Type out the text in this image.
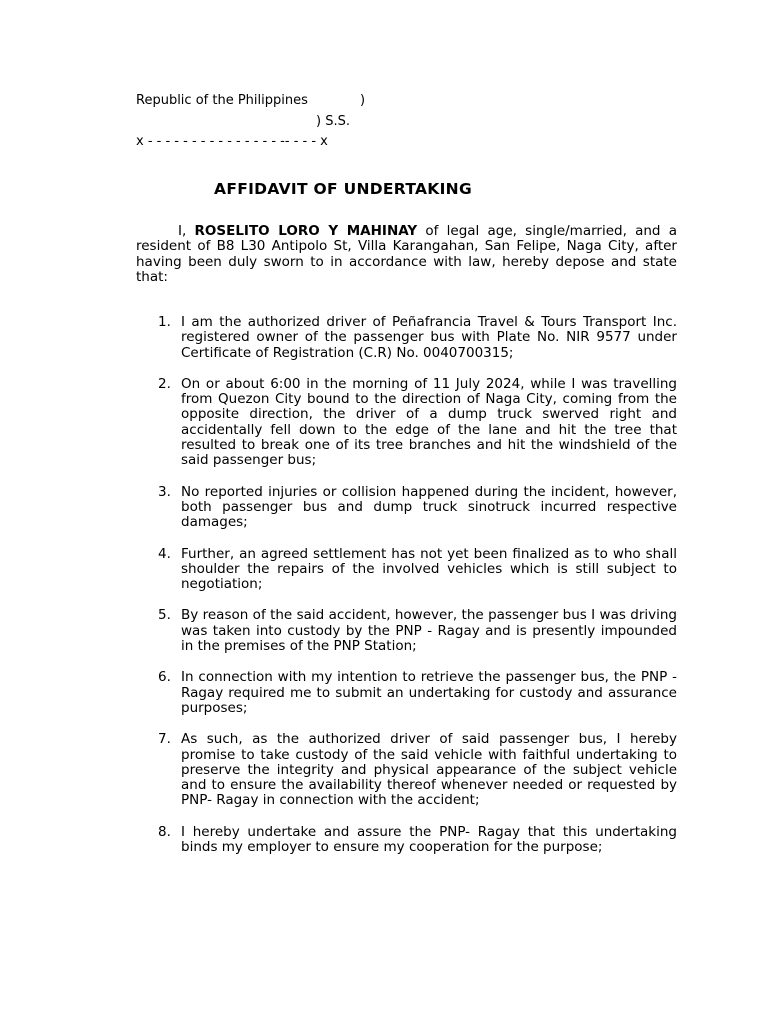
Republic of the Philippines	)
) S.S.
x - - - - - - - - - - - - - - - -- - - - x
AFFIDAVIT OF UNDERTAKING

I, ROSELITO LORO Y MAHINAY of legal age, single/married, and a resident of B8 L30 Antipolo St, Villa Karangahan, San Felipe, Naga City, after having been duly sworn to in accordance with law, hereby depose and state that:

1. I am the authorized driver of Peñafrancia Travel & Tours Transport Inc. registered owner of the passenger bus with Plate No. NIR 9577 under Certificate of Registration (C.R) No. 0040700315;
2. On or about 6:00 in the morning of 11 July 2024, while I was travelling from Quezon City bound to the direction of Naga City, coming from the opposite direction, the driver of a dump truck swerved right and accidentally fell down to the edge of the lane and hit the tree that resulted to break one of its tree branches and hit the windshield of the said passenger bus;
3. No reported injuries or collision happened during the incident, however, both passenger bus and dump truck sinotruck incurred respective damages;
4. Further, an agreed settlement has not yet been finalized as to who shall shoulder the repairs of the involved vehicles which is still subject to negotiation;
5. By reason of the said accident, however, the passenger bus I was driving was taken into custody by the PNP - Ragay and is presently impounded in the premises of the PNP Station;
6. In connection with my intention to retrieve the passenger bus, the PNP - Ragay required me to submit an undertaking for custody and assurance purposes;
7. As such, as the authorized driver of said passenger bus, I hereby promise to take custody of the said vehicle with faithful undertaking to preserve the integrity and physical appearance of the subject vehicle and to ensure the availability thereof whenever needed or requested by PNP- Ragay in connection with the accident;
8. I hereby undertake and assure the PNP- Ragay that this undertaking binds my employer to ensure my cooperation for the purpose;
